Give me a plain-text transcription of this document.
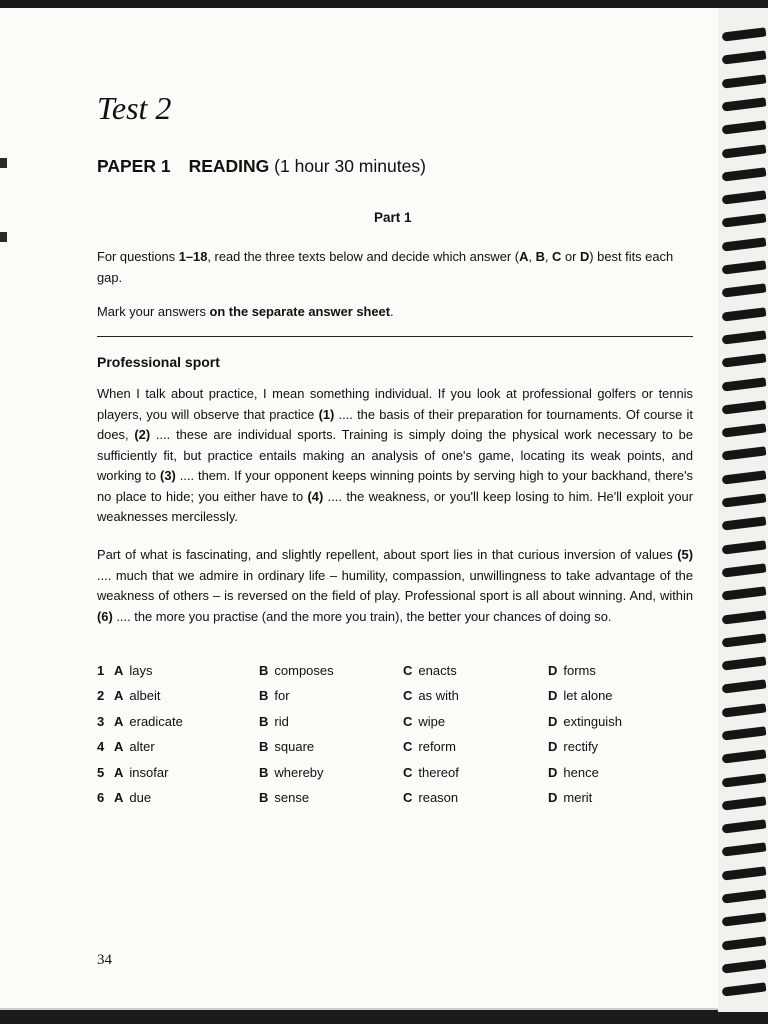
Test 2
PAPER 1 READING (1 hour 30 minutes)
Part 1

For questions 1–18, read the three texts below and decide which answer (A, B, C or D) best fits each gap.

Mark your answers on the separate answer sheet.

Professional sport

When I talk about practice, I mean something individual. If you look at professional golfers or tennis players, you will observe that practice (1) .... the basis of their preparation for tournaments. Of course it does, (2) .... these are individual sports. Training is simply doing the physical work necessary to be sufficiently fit, but practice entails making an analysis of one's game, locating its weak points, and working to (3) .... them. If your opponent keeps winning points by serving high to your backhand, there's no place to hide; you either have to (4) .... the weakness, or you'll keep losing to him. He'll exploit your weaknesses mercilessly.

Part of what is fascinating, and slightly repellent, about sport lies in that curious inversion of values (5) .... much that we admire in ordinary life – humility, compassion, unwillingness to take advantage of the weakness of others – is reversed on the field of play. Professional sport is all about winning. And, within (6) .... the more you practise (and the more you train), the better your chances of doing so.

1 A lays	B composes	C enacts	D forms
2 A albeit	B for	C as with	D let alone
3 A eradicate	B rid	C wipe	D extinguish
4 A alter	B square	C reform	D rectify
5 A insofar	B whereby	C thereof	D hence
6 A due	B sense	C reason	D merit
34
